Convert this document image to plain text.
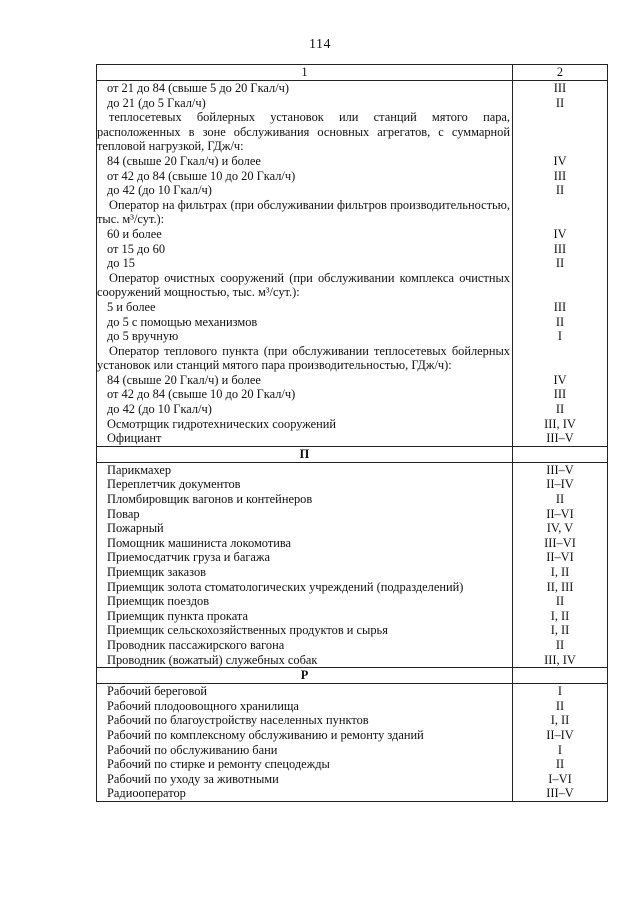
114
1	2
от 21 до 84 (свыше 5 до 20 Гкал/ч)	III
до 21 (до 5 Гкал/ч)	II
теплосетевых бойлерных установок или станций мятого пара, расположенных в зоне обслуживания основных агрегатов, с суммарной тепловой нагрузкой, ГДж/ч:	
84 (свыше 20 Гкал/ч) и более	IV
от 42 до 84 (свыше 10 до 20 Гкал/ч)	III
до 42 (до 10 Гкал/ч)	II
Оператор на фильтрах (при обслуживании фильтров производительностью, тыс. м³/сут.):	
60 и более	IV
от 15 до 60	III
до 15	II
Оператор очистных сооружений (при обслуживании комплекса очистных сооружений мощностью, тыс. м³/сут.):	
5 и более	III
до 5 с помощью механизмов	II
до 5 вручную	I
Оператор теплового пункта (при обслуживании теплосетевых бойлерных установок или станций мятого пара производительностью, ГДж/ч):	
84 (свыше 20 Гкал/ч) и более	IV
от 42 до 84 (свыше 10 до 20 Гкал/ч)	III
до 42 (до 10 Гкал/ч)	II
Осмотрщик гидротехнических сооружений	III, IV
Официант	III–V
П	
Парикмахер	III–V
Переплетчик документов	II–IV
Пломбировщик вагонов и контейнеров	II
Повар	II–VI
Пожарный	IV, V
Помощник машиниста локомотива	III–VI
Приемосдатчик груза и багажа	II–VI
Приемщик заказов	I, II
Приемщик золота стоматологических учреждений (подразделений)	II, III
Приемщик поездов	II
Приемщик пункта проката	I, II
Приемщик сельскохозяйственных продуктов и сырья	I, II
Проводник пассажирского вагона	II
Проводник (вожатый) служебных собак	III, IV
Р	
Рабочий береговой	I
Рабочий плодоовощного хранилища	II
Рабочий по благоустройству населенных пунктов	I, II
Рабочий по комплексному обслуживанию и ремонту зданий	II–IV
Рабочий по обслуживанию бани	I
Рабочий по стирке и ремонту спецодежды	II
Рабочий по уходу за животными	I–VI
Радиооператор	III–V
